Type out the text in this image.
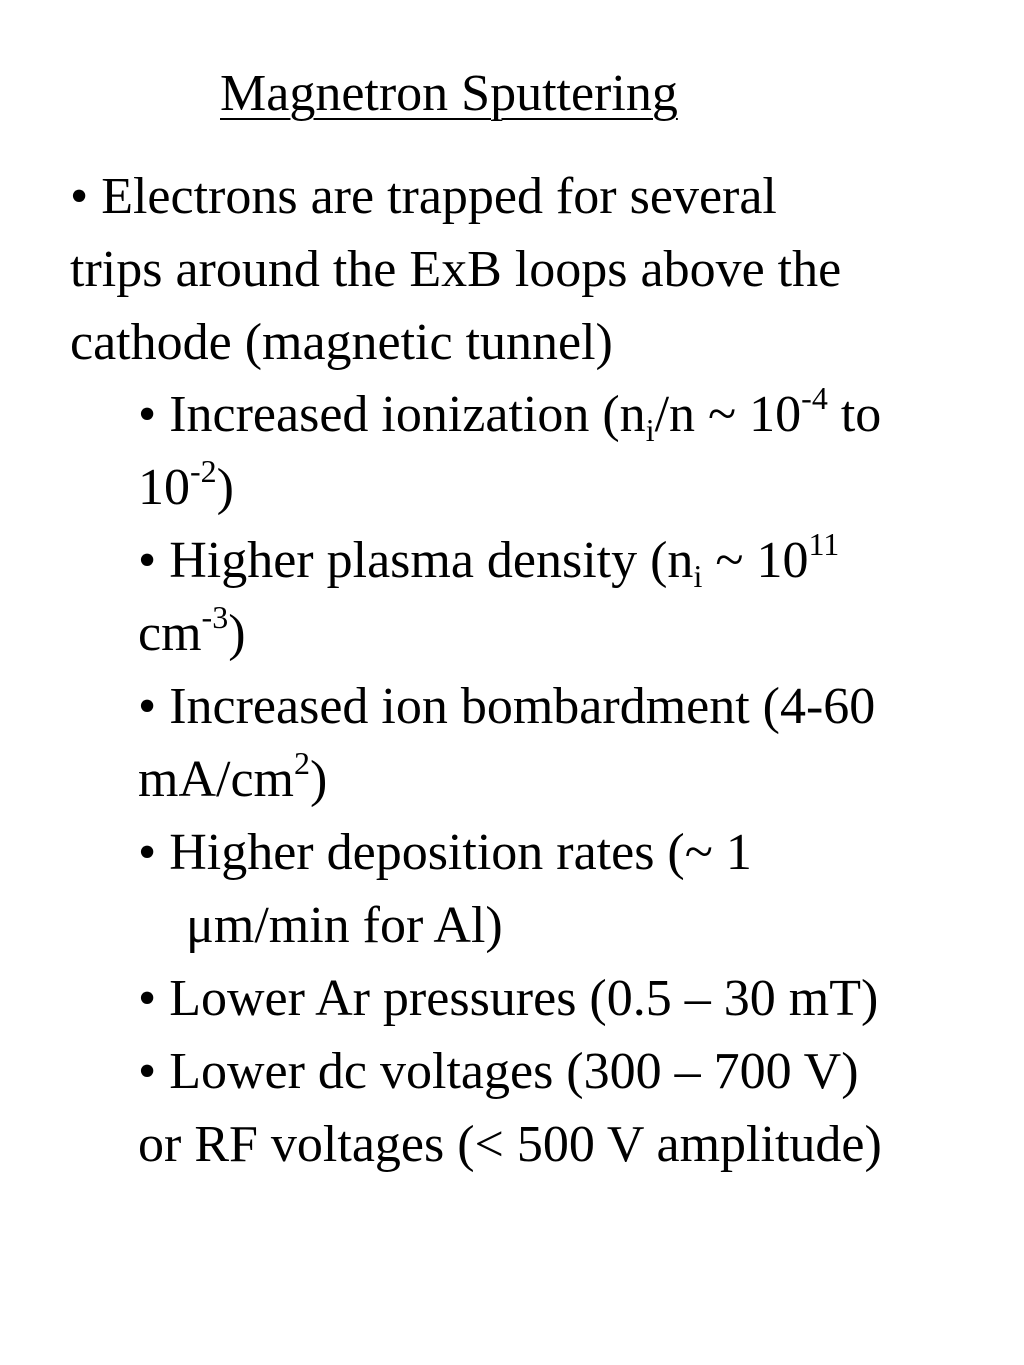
Magnetron Sputtering

• Electrons are trapped for several
trips around the ExB loops above the
cathode (magnetic tunnel)

• Increased ionization ($n_i/n$ ~ $10^{-4}$ to
$10^{-2}$)
• Higher plasma density ($n_i$ ~ $10^{11}$
$cm^{-3}$)
• Increased ion bombardment (4-60
$mA/cm^2$)
• Higher deposition rates (~ 1
μm/min for Al)
• Lower Ar pressures (0.5 – 30 mT)
• Lower dc voltages (300 – 700 V)
or RF voltages (< 500 V amplitude)
